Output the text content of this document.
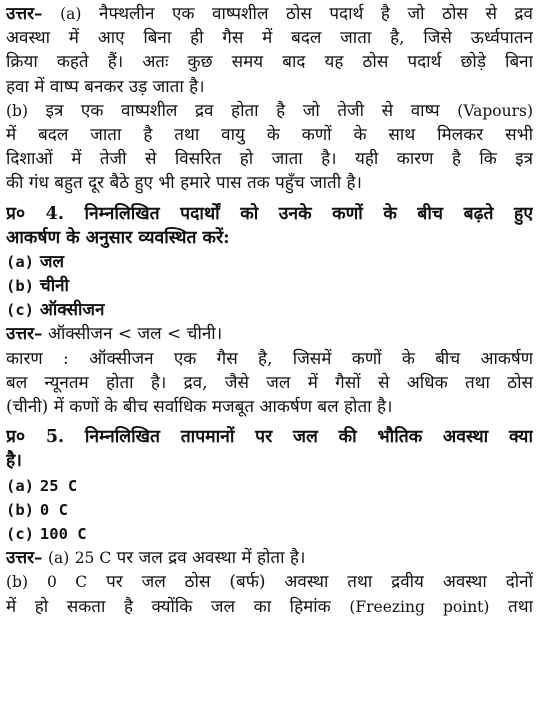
उत्तर– (a) नैफ्थलीन एक वाष्पशील ठोस पदार्थ है जो ठोस से द्रव
अवस्था में आए बिना ही गैस में बदल जाता है, जिसे ऊर्ध्वपातन
क्रिया कहते हैं। अतः कुछ समय बाद यह ठोस पदार्थ छोड़े बिना
हवा में वाष्प बनकर उड़ जाता है।
(b) इत्र एक वाष्पशील द्रव होता है जो तेजी से वाष्प (Vapours)
में बदल जाता है तथा वायु के कणों के साथ मिलकर सभी
दिशाओं में तेजी से विसरित हो जाता है। यही कारण है कि इत्र
की गंध बहुत दूर बैठे हुए भी हमारे पास तक पहुँच जाती है।
प्र० 4. निम्नलिखित पदार्थों को उनके कणों के बीच बढ़ते हुए
आकर्षण के अनुसार व्यवस्थित करें:
(a) जल
(b) चीनी
(c) ऑक्सीजन
उत्तर– ऑक्सीजन < जल < चीनी।
कारण : ऑक्सीजन एक गैस है, जिसमें कणों के बीच आकर्षण
बल न्यूनतम होता है। द्रव, जैसे जल में गैसों से अधिक तथा ठोस
(चीनी) में कणों के बीच सर्वाधिक मजबूत आकर्षण बल होता है।
प्र० 5. निम्नलिखित तापमानों पर जल की भौतिक अवस्था क्या
है।
(a) 25 C
(b) 0 C
(c) 100 C
उत्तर– (a) 25 C पर जल द्रव अवस्था में होता है।
(b) 0 C पर जल ठोस (बर्फ) अवस्था तथा द्रवीय अवस्था दोनों
में हो सकता है क्योंकि जल का हिमांक (Freezing point) तथा
